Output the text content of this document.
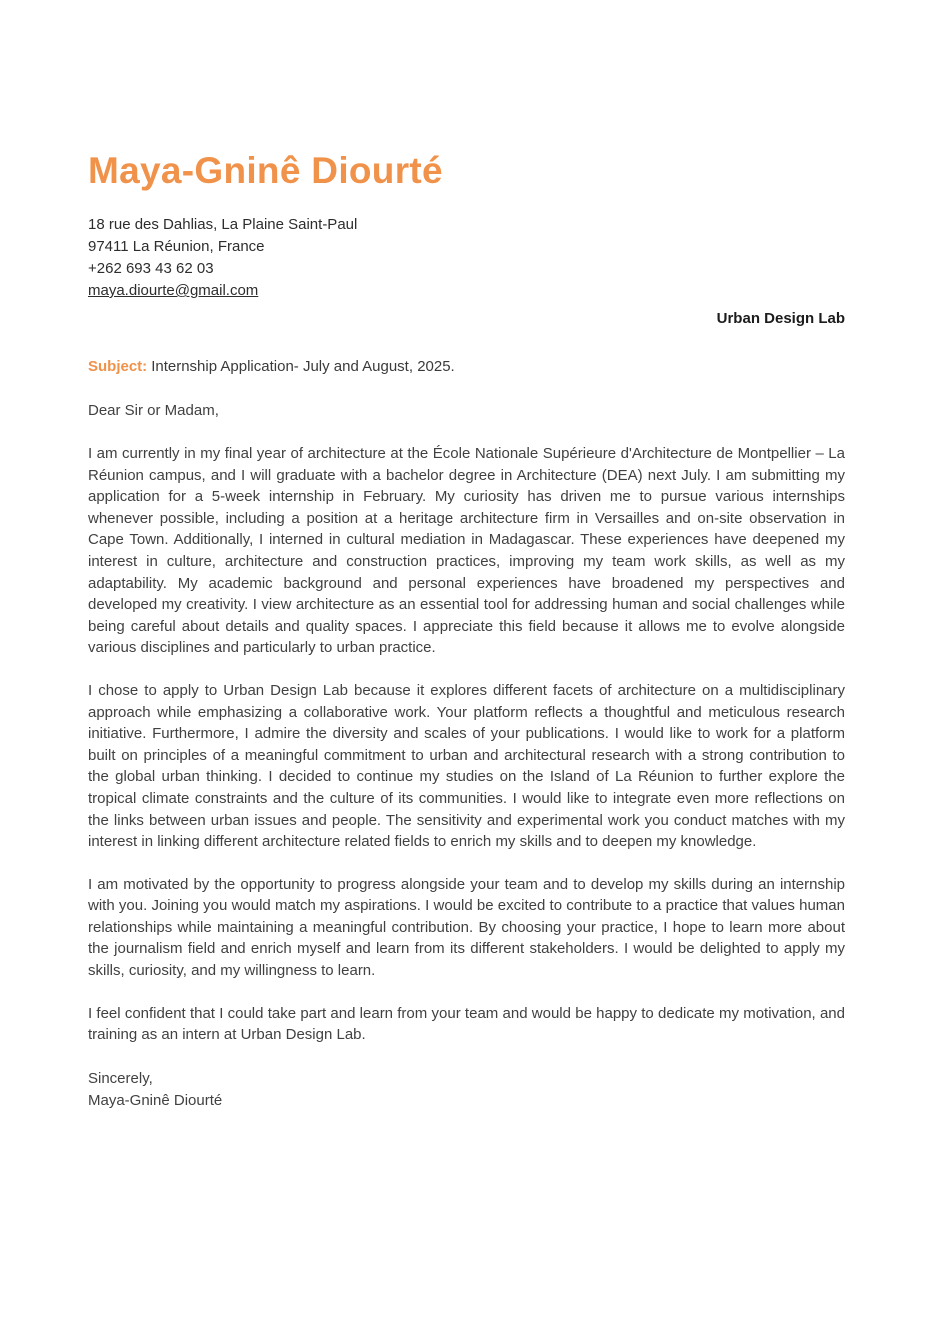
Maya-Gninê Diourté
18 rue des Dahlias, La Plaine Saint-Paul
97411 La Réunion, France
+262 693 43 62 03
maya.diourte@gmail.com
Urban Design Lab

Subject: Internship Application- July and August, 2025.

Dear Sir or Madam,

I am currently in my final year of architecture at the École Nationale Supérieure d'Architecture de Montpellier – La Réunion campus, and I will graduate with a bachelor degree in Architecture (DEA) next July. I am submitting my application for a 5-week internship in February. My curiosity has driven me to pursue various internships whenever possible, including a position at a heritage architecture firm in Versailles and on-site observation in Cape Town. Additionally, I interned in cultural mediation in Madagascar. These experiences have deepened my interest in culture, architecture and construction practices, improving my team work skills, as well as my adaptability. My academic background and personal experiences have broadened my perspectives and developed my creativity. I view architecture as an essential tool for addressing human and social challenges while being careful about details and quality spaces. I appreciate this field because it allows me to evolve alongside various disciplines and particularly to urban practice.

I chose to apply to Urban Design Lab because it explores different facets of architecture on a multidisciplinary approach while emphasizing a collaborative work. Your platform reflects a thoughtful and meticulous research initiative. Furthermore, I admire the diversity and scales of your publications. I would like to work for a platform built on principles of a meaningful commitment to urban and architectural research with a strong contribution to the global urban thinking. I decided to continue my studies on the Island of La Réunion to further explore the tropical climate constraints and the culture of its communities. I would like to integrate even more reflections on the links between urban issues and people. The sensitivity and experimental work you conduct matches with my interest in linking different architecture related fields to enrich my skills and to deepen my knowledge.

I am motivated by the opportunity to progress alongside your team and to develop my skills during an internship with you. Joining you would match my aspirations. I would be excited to contribute to a practice that values human relationships while maintaining a meaningful contribution. By choosing your practice, I hope to learn more about the journalism field and enrich myself and learn from its different stakeholders. I would be delighted to apply my skills, curiosity, and my willingness to learn.

I feel confident that I could take part and learn from your team and would be happy to dedicate my motivation, and training as an intern at Urban Design Lab.

Sincerely,
Maya-Gninê Diourté
